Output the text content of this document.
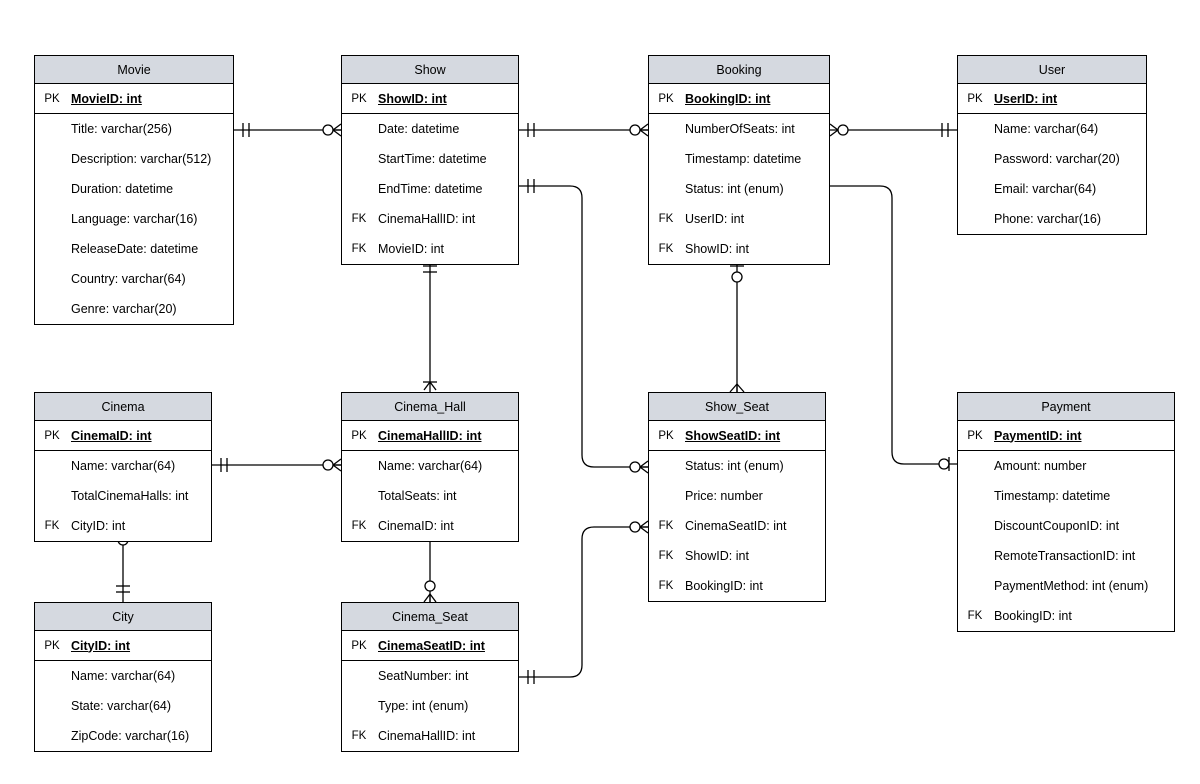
Movie
PK MovieID: int
Title: varchar(256)
Description: varchar(512)
Duration: datetime
Language: varchar(16)
ReleaseDate: datetime
Country: varchar(64)
Genre: varchar(20)
Show
PK ShowID: int
Date: datetime
StartTime: datetime
EndTime: datetime
FK CinemaHallID: int
FK MovieID: int
Booking
PK BookingID: int
NumberOfSeats: int
Timestamp: datetime
Status: int (enum)
FK UserID: int
FK ShowID: int
User
PK UserID: int
Name: varchar(64)
Password: varchar(20)
Email: varchar(64)
Phone: varchar(16)
Cinema
PK CinemaID: int
Name: varchar(64)
TotalCinemaHalls: int
FK CityID: int
Cinema_Hall
PK CinemaHallID: int
Name: varchar(64)
TotalSeats: int
FK CinemaID: int
Show_Seat
PK ShowSeatID: int
Status: int (enum)
Price: number
FK CinemaSeatID: int
FK ShowID: int
FK BookingID: int
Payment
PK PaymentID: int
Amount: number
Timestamp: datetime
DiscountCouponID: int
RemoteTransactionID: int
PaymentMethod: int (enum)
FK BookingID: int
City
PK CityID: int
Name: varchar(64)
State: varchar(64)
ZipCode: varchar(16)
Cinema_Seat
PK CinemaSeatID: int
SeatNumber: int
Type: int (enum)
FK CinemaHallID: int
